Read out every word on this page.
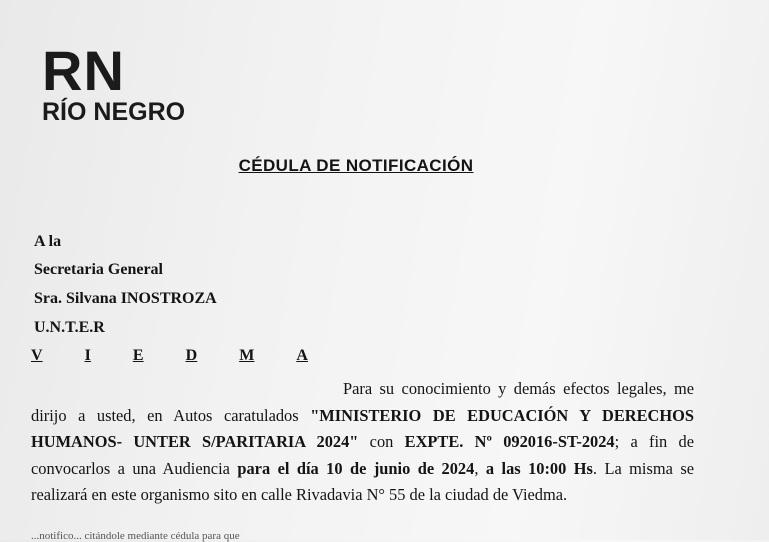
RN
RÍO NEGRO
CÉDULA DE NOTIFICACIÓN
A la
Secretaria General
Sra. Silvana INOSTROZA
U.N.T.E.R
V	I	E	D	M	A
Para su conocimiento y demás efectos legales, me dirijo a usted, en Autos caratulados "MINISTERIO DE EDUCACIÓN Y DERECHOS HUMANOS- UNTER S/PARITARIA 2024" con EXPTE. Nº 092016-ST-2024; a fin de convocarlos a una Audiencia para el día 10 de junio de 2024, a las 10:00 Hs. La misma se realizará en este organismo sito en calle Rivadavia N° 55 de la ciudad de Viedma.
...notifico... citándole mediante cédula para que
